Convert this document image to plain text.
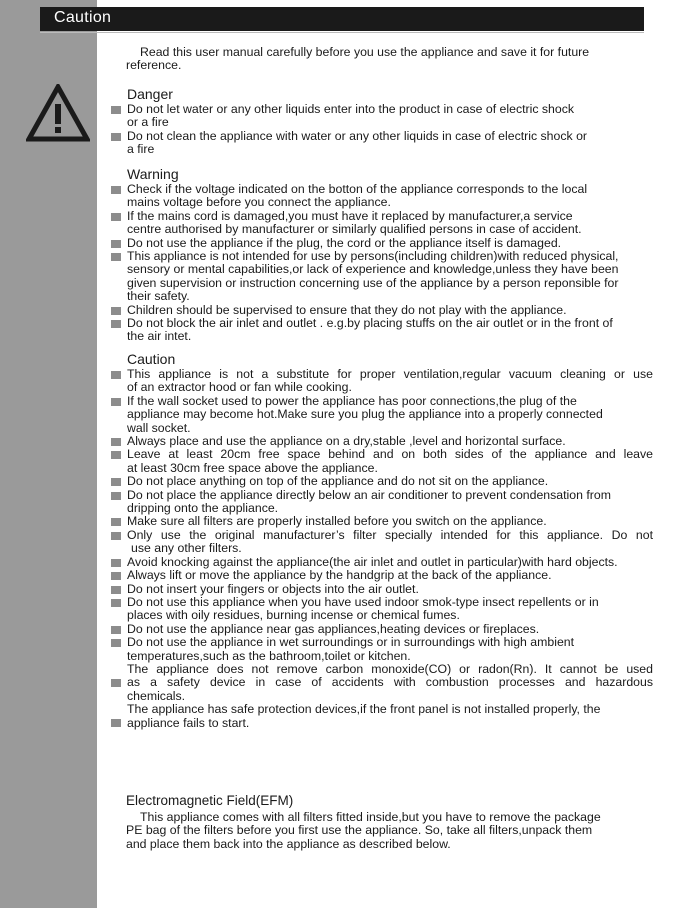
Caution
Read this user manual carefully before you use the appliance and save it for future
reference.
Danger
Do not let water or any other liquids enter into the product in case of electric shock
or a fire
Do not clean the appliance with water or any other liquids in case of electric shock or
a fire
Warning
Check if the voltage indicated on the botton of the appliance corresponds to the local
mains voltage before you connect the appliance.
If the mains cord is damaged,you must have it replaced by manufacturer,a service
centre authorised by manufacturer or similarly qualified persons in case of accident.
Do not use the appliance if the plug, the cord or the appliance itself is damaged.
This appliance is not intended for use by persons(including children)with reduced physical,
sensory or mental capabilities,or lack of experience and knowledge,unless they have been
given supervision or instruction concerning use of the appliance by a person reponsible for
their safety.
Children should be supervised to ensure that they do not play with the appliance.
Do not block the air inlet and outlet . e.g.by placing stuffs on the air outlet or in the front of
the air intet.
Caution
This appliance is not a substitute for proper ventilation,regular vacuum cleaning or use
of an extractor hood or fan while cooking.
If the wall socket used to power the appliance has poor connections,the plug of the
appliance may become hot.Make sure you plug the appliance into a properly connected
wall socket.
Always place and use the appliance on a dry,stable ,level and horizontal surface.
Leave at least 20cm free space behind and on both sides of the appliance and leave
at least 30cm free space above the appliance.
Do not place anything on top of the appliance and do not sit on the appliance.
Do not place the appliance directly below an air conditioner to prevent condensation from
dripping onto the appliance.
Make sure all filters are properly installed before you switch on the appliance.
Only use the original manufacturer’s filter specially intended for this appliance. Do not
use any other filters.
Avoid knocking against the appliance(the air inlet and outlet in particular)with hard objects.
Always lift or move the appliance by the handgrip at the back of the appliance.
Do not insert your fingers or objects into the air outlet.
Do not use this appliance when you have used indoor smok-type insect repellents or in
places with oily residues, burning incense or chemical fumes.
Do not use the appliance near gas appliances,heating devices or fireplaces.
Do not use the appliance in wet surroundings or in surroundings with high ambient
temperatures,such as the bathroom,toilet or kitchen.
The appliance does not remove carbon monoxide(CO) or radon(Rn). It cannot be used
as a safety device in case of accidents with combustion processes and hazardous
chemicals.
The appliance has safe protection devices,if the front panel is not installed properly, the
appliance fails to start.
Electromagnetic Field(EFM)
This appliance comes with all filters fitted inside,but you have to remove the package
PE bag of the filters before you first use the appliance. So, take all filters,unpack them
and place them back into the appliance as described below.
